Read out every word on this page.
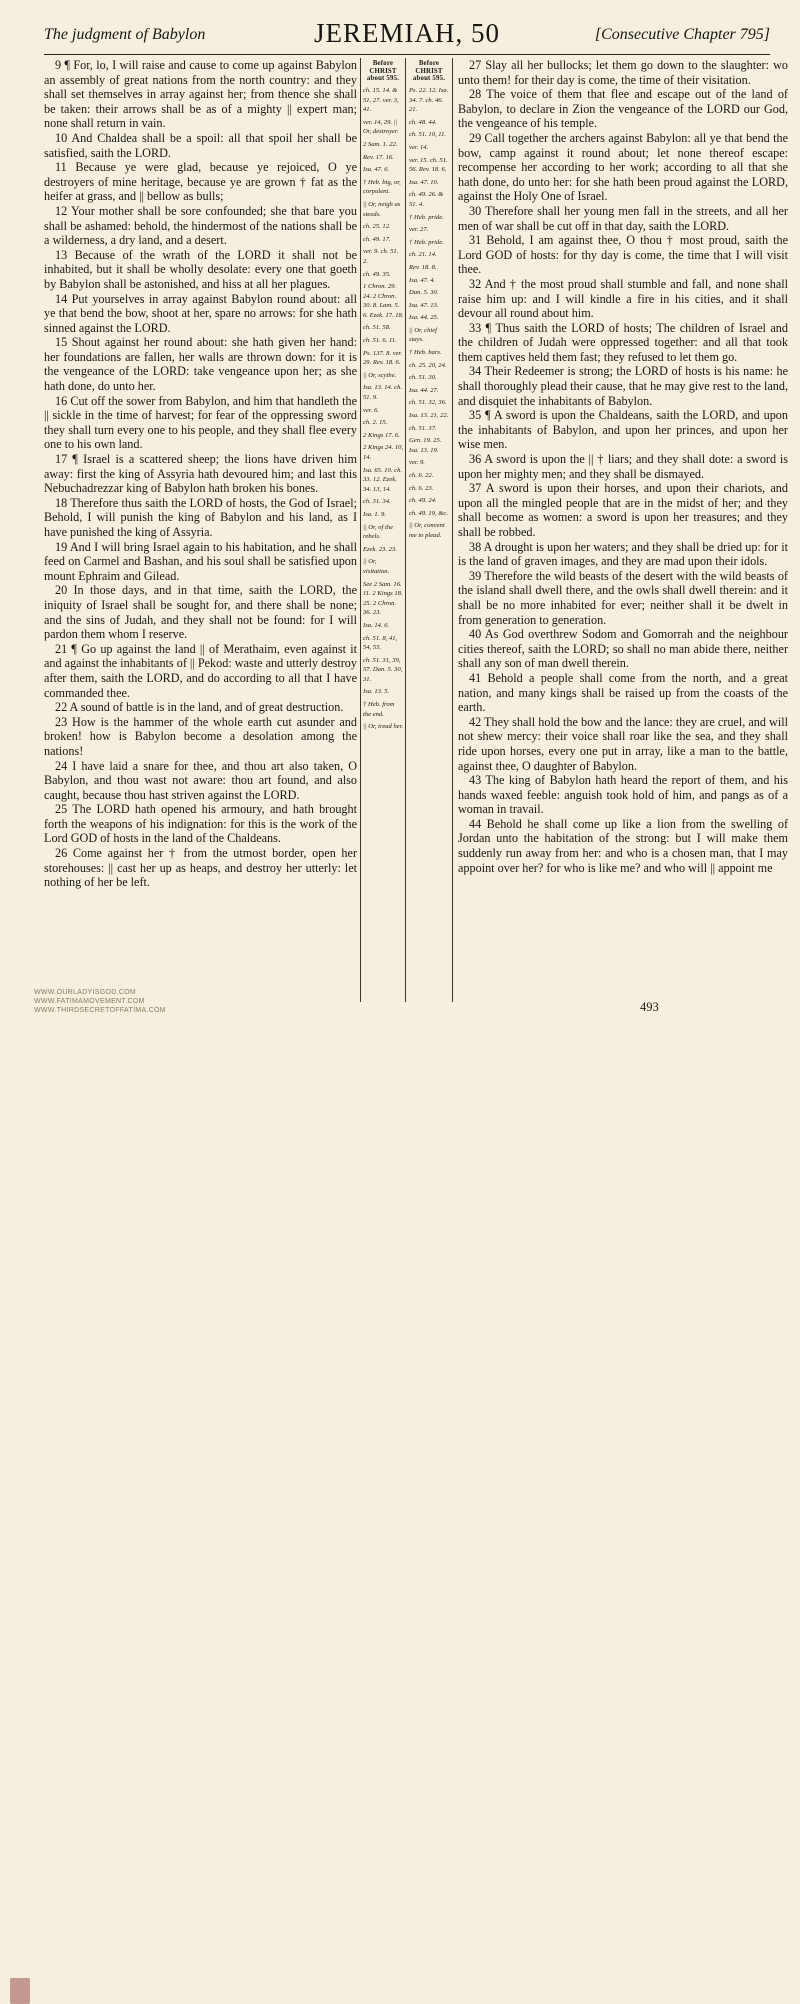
The judgment of Babylon	JEREMIAH, 50	[Consecutive Chapter 795]

9 ¶ For, lo, I will raise and cause to come up against Babylon an assembly of great nations from the north country: and they shall set themselves in array against her; from thence she shall be taken: their arrows shall be as of a mighty || expert man; none shall return in vain.

10 And Chaldea shall be a spoil: all that spoil her shall be satisfied, saith the LORD.

11 Because ye were glad, because ye rejoiced, O ye destroyers of mine heritage, because ye are grown † fat as the heifer at grass, and || bellow as bulls;

12 Your mother shall be sore confounded; she that bare you shall be ashamed: behold, the hindermost of the nations shall be a wilderness, a dry land, and a desert.

13 Because of the wrath of the LORD it shall not be inhabited, but it shall be wholly desolate: every one that goeth by Babylon shall be astonished, and hiss at all her plagues.

14 Put yourselves in array against Babylon round about: all ye that bend the bow, shoot at her, spare no arrows: for she hath sinned against the LORD.

15 Shout against her round about: she hath given her hand: her foundations are fallen, her walls are thrown down: for it is the vengeance of the LORD: take vengeance upon her; as she hath done, do unto her.

16 Cut off the sower from Babylon, and him that handleth the || sickle in the time of harvest; for fear of the oppressing sword they shall turn every one to his people, and they shall flee every one to his own land.

17 ¶ Israel is a scattered sheep; the lions have driven him away: first the king of Assyria hath devoured him; and last this Nebuchadrezzar king of Babylon hath broken his bones.

18 Therefore thus saith the LORD of hosts, the God of Israel; Behold, I will punish the king of Babylon and his land, as I have punished the king of Assyria.

19 And I will bring Israel again to his habitation, and he shall feed on Carmel and Bashan, and his soul shall be satisfied upon mount Ephraim and Gilead.

20 In those days, and in that time, saith the LORD, the iniquity of Israel shall be sought for, and there shall be none; and the sins of Judah, and they shall not be found: for I will pardon them whom I reserve.

21 ¶ Go up against the land || of Merathaim, even against it and against the inhabitants of || Pekod: waste and utterly destroy after them, saith the LORD, and do according to all that I have commanded thee.

22 A sound of battle is in the land, and of great destruction.

23 How is the hammer of the whole earth cut asunder and broken! how is Babylon become a desolation among the nations!

24 I have laid a snare for thee, and thou art also taken, O Babylon, and thou wast not aware: thou art found, and also caught, because thou hast striven against the LORD.

25 The LORD hath opened his armoury, and hath brought forth the weapons of his indignation: for this is the work of the Lord GOD of hosts in the land of the Chaldeans.

26 Come against her † from the utmost border, open her storehouses: || cast her up as heaps, and destroy her utterly: let nothing of her be left.

Before CHRIST about 595.
ch. 15. 14. & 51. 27. ver. 3, 41.
ver. 14, 29. || Or, destroyer.
2 Sam. 1. 22.
Rev. 17. 16.
Isa. 47. 6.
† Heb. big, or, corpulent.
|| Or, neigh as steeds.
ch. 25. 12.
ch. 49. 17.
ver. 9. ch. 51. 2.
ch. 49. 35.
1 Chron. 29. 24. 2 Chron. 30. 8. Lam. 5. 6. Ezek. 17. 18.
ch. 51. 58.
ch. 51. 6. 11.
Ps. 137. 8. ver. 29. Rev. 18. 6.
|| Or, scythe.
Isa. 13. 14. ch. 51. 9.
ver. 6.
ch. 2. 15.
2 Kings 17. 6.
2 Kings 24. 10, 14.
Isa. 65. 10. ch. 33. 12. Ezek. 34. 13, 14.
ch. 31. 34.
Isa. 1. 9.
|| Or, of the rebels.
Ezek. 23. 23.
|| Or, visitation.
See 2 Sam. 16. 11. 2 Kings 18. 25. 2 Chron. 36. 23.
Isa. 14. 6.
ch. 51. 8, 41, 54, 55.
ch. 51. 31, 39, 57. Dan. 5. 30, 31.
Isa. 13. 5.
† Heb. from the end.
|| Or, tread her.
Before CHRIST about 595.
Ps. 22. 12. Isa. 34. 7. ch. 46. 21.
ch. 48. 44.
ch. 51. 10, 11.
ver. 14.
ver. 15. ch. 51. 56. Rev. 18. 6.
Isa. 47. 10.
ch. 49. 26. & 51. 4.
† Heb. pride.
ver. 27.
† Heb. pride.
ch. 21. 14.
Rev. 18. 8.
Isa. 47. 4.
Dan. 5. 30.
Isa. 47. 13.
Isa. 44. 25.
|| Or, chief stays.
† Heb. bars.
ch. 25. 20, 24.
ch. 51. 30.
Isa. 44. 27.
ch. 51. 32, 36.
Isa. 13. 21, 22.
ch. 51. 37.
Gen. 19. 25. Isa. 13. 19.
ver. 9.
ch. 6. 22.
ch. 6. 23.
ch. 49. 24.
ch. 49. 19, &c.
|| Or, convent me to plead.

27 Slay all her bullocks; let them go down to the slaughter: wo unto them! for their day is come, the time of their visitation.

28 The voice of them that flee and escape out of the land of Babylon, to declare in Zion the vengeance of the LORD our God, the vengeance of his temple.

29 Call together the archers against Babylon: all ye that bend the bow, camp against it round about; let none thereof escape: recompense her according to her work; according to all that she hath done, do unto her: for she hath been proud against the LORD, against the Holy One of Israel.

30 Therefore shall her young men fall in the streets, and all her men of war shall be cut off in that day, saith the LORD.

31 Behold, I am against thee, O thou † most proud, saith the Lord GOD of hosts: for thy day is come, the time that I will visit thee.

32 And † the most proud shall stumble and fall, and none shall raise him up: and I will kindle a fire in his cities, and it shall devour all round about him.

33 ¶ Thus saith the LORD of hosts; The children of Israel and the children of Judah were oppressed together: and all that took them captives held them fast; they refused to let them go.

34 Their Redeemer is strong; the LORD of hosts is his name: he shall thoroughly plead their cause, that he may give rest to the land, and disquiet the inhabitants of Babylon.

35 ¶ A sword is upon the Chaldeans, saith the LORD, and upon the inhabitants of Babylon, and upon her princes, and upon her wise men.

36 A sword is upon the || † liars; and they shall dote: a sword is upon her mighty men; and they shall be dismayed.

37 A sword is upon their horses, and upon their chariots, and upon all the mingled people that are in the midst of her; and they shall become as women: a sword is upon her treasures; and they shall be robbed.

38 A drought is upon her waters; and they shall be dried up: for it is the land of graven images, and they are mad upon their idols.

39 Therefore the wild beasts of the desert with the wild beasts of the island shall dwell there, and the owls shall dwell therein: and it shall be no more inhabited for ever; neither shall it be dwelt in from generation to generation.

40 As God overthrew Sodom and Gomorrah and the neighbour cities thereof, saith the LORD; so shall no man abide there, neither shall any son of man dwell therein.

41 Behold a people shall come from the north, and a great nation, and many kings shall be raised up from the coasts of the earth.

42 They shall hold the bow and the lance: they are cruel, and will not shew mercy: their voice shall roar like the sea, and they shall ride upon horses, every one put in array, like a man to the battle, against thee, O daughter of Babylon.

43 The king of Babylon hath heard the report of them, and his hands waxed feeble: anguish took hold of him, and pangs as of a woman in travail.

44 Behold he shall come up like a lion from the swelling of Jordan unto the habitation of the strong: but I will make them suddenly run away from her: and who is a chosen man, that I may appoint over her? for who is like me? and who will || appoint me

493
WWW.OURLADYISGOD.COM
WWW.FATIMAMOVEMENT.COM
WWW.THIRDSECRETOFFATIMA.COM
